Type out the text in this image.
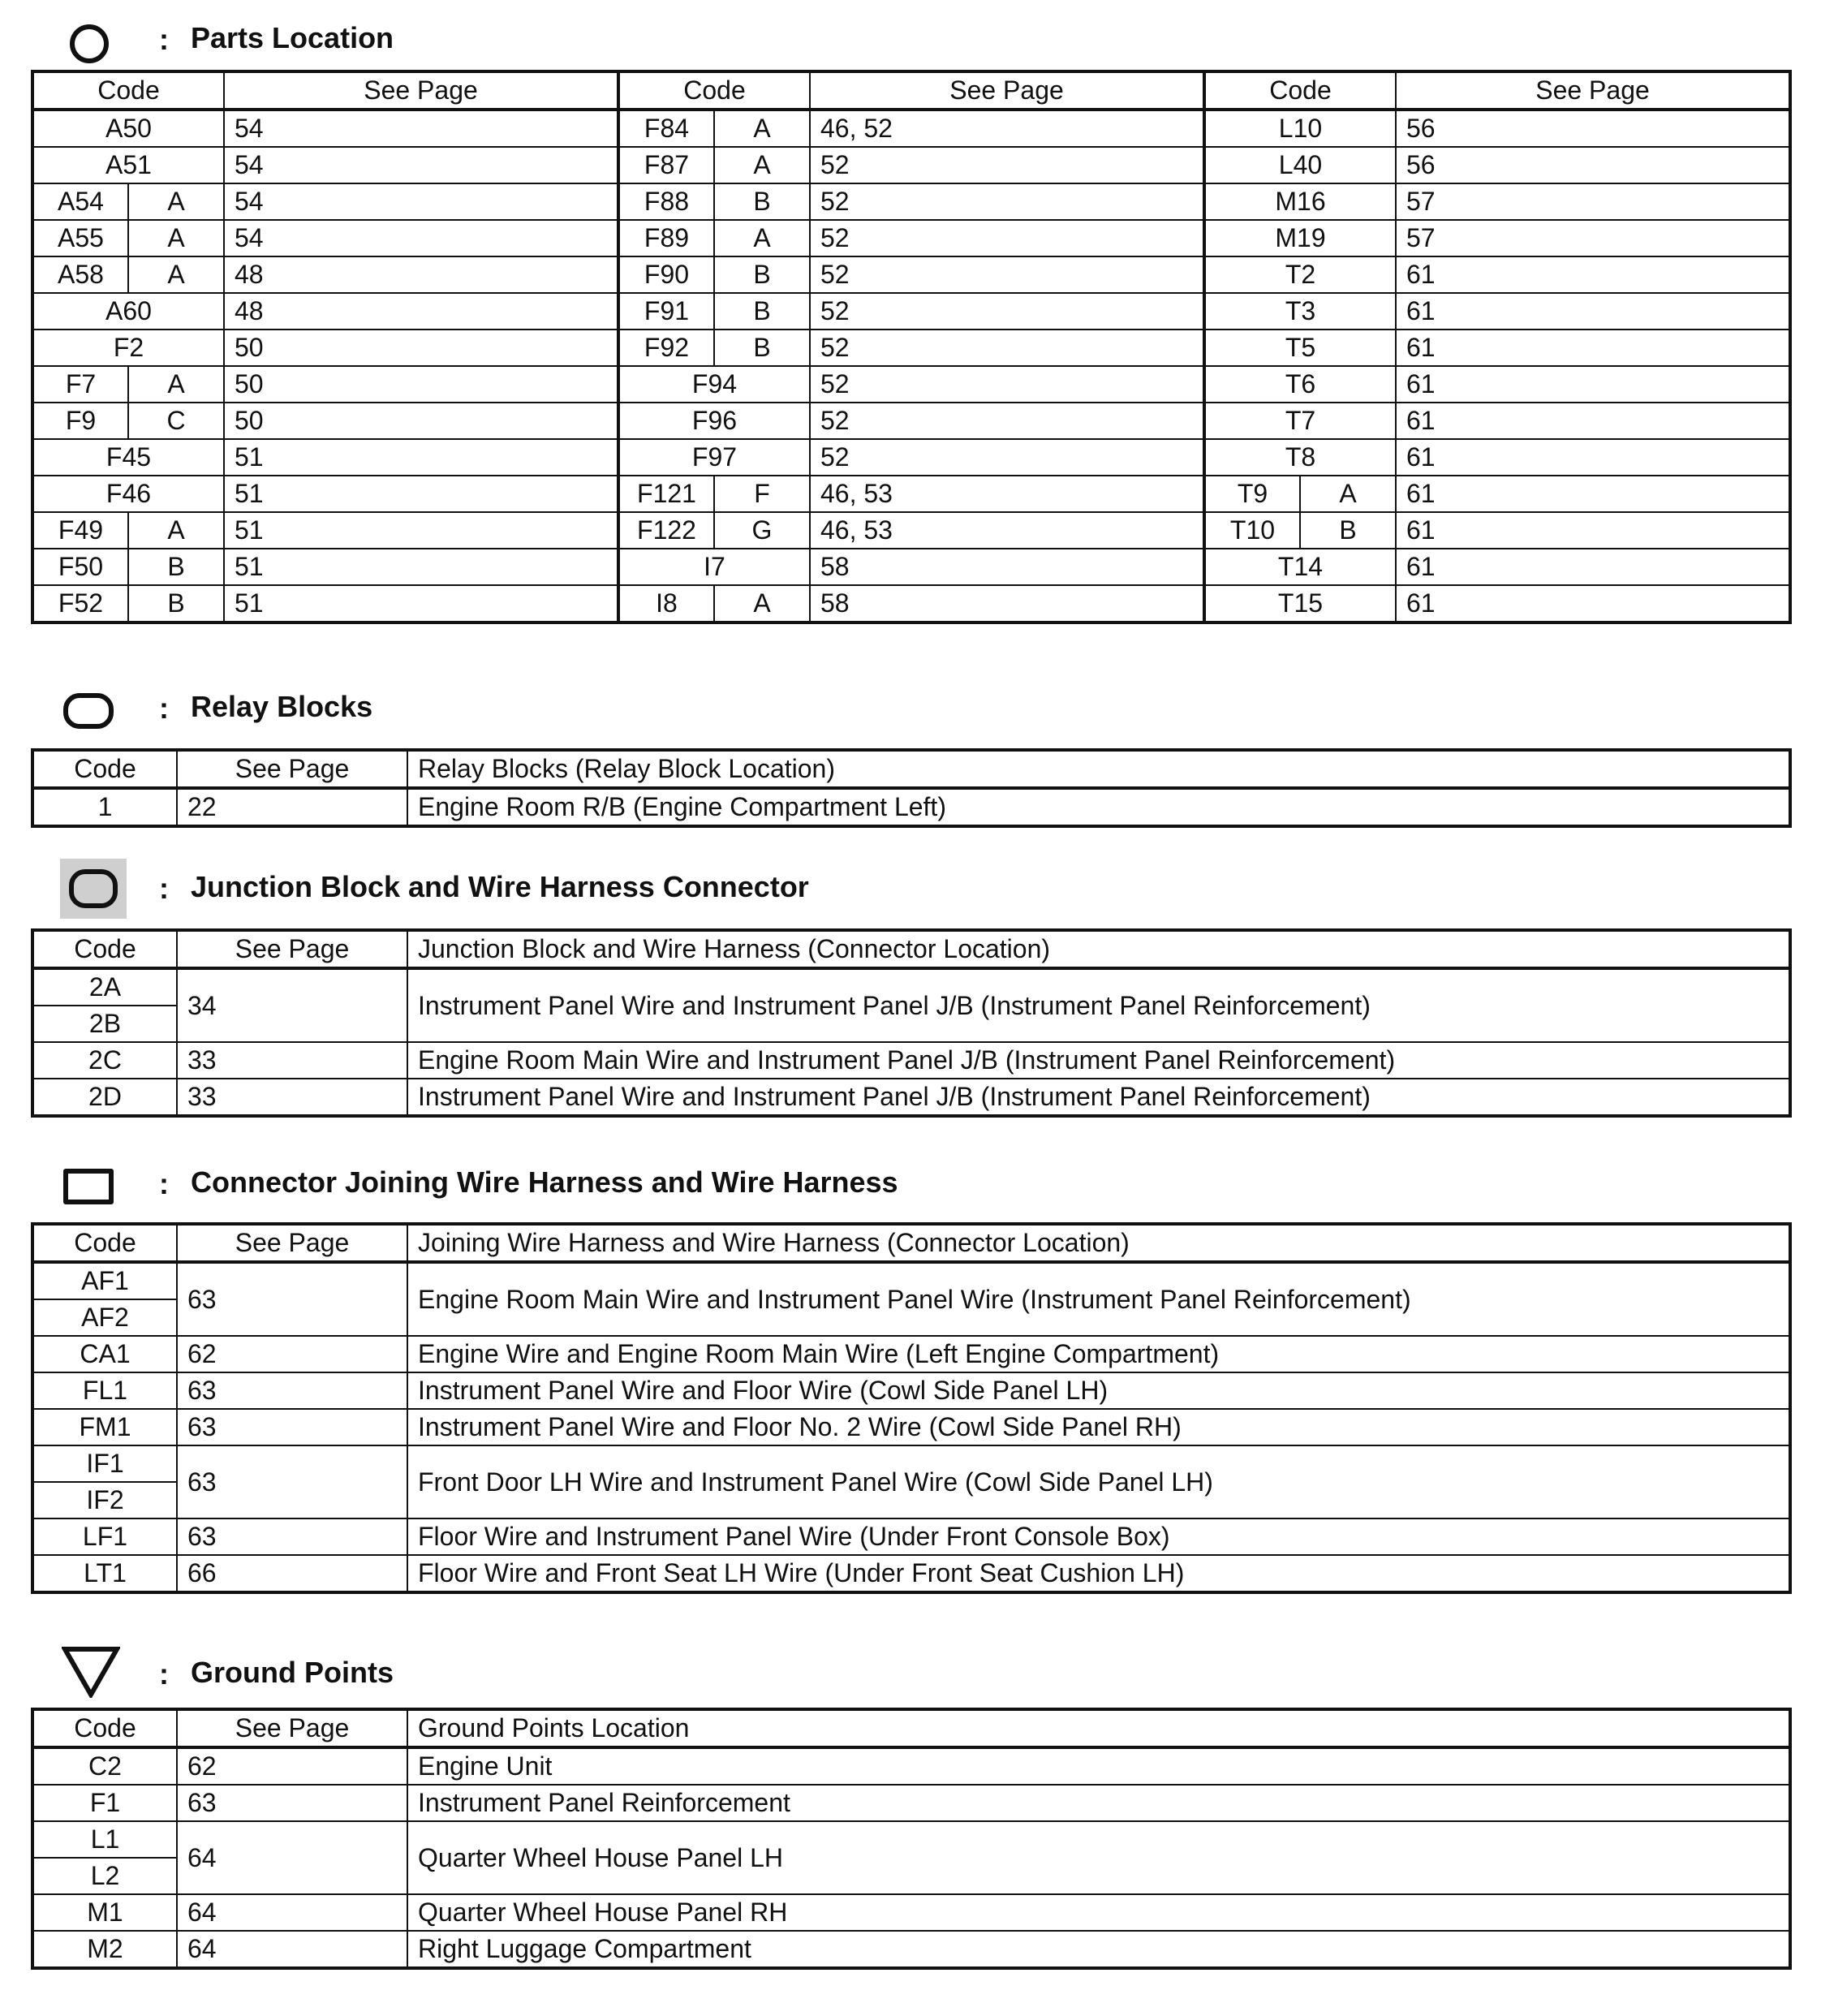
: Parts Location
Code		See Page	Code		See Page	Code		See Page
A50		54	F84	A	46, 52	L10		56
A51		54	F87	A	52	L40		56
A54	A	54	F88	B	52	M16		57
A55	A	54	F89	A	52	M19		57
A58	A	48	F90	B	52	T2		61
A60		48	F91	B	52	T3		61
F2		50	F92	B	52	T5		61
F7	A	50	F94		52	T6		61
F9	C	50	F96		52	T7		61
F45		51	F97		52	T8		61
F46		51	F121	F	46, 53	T9	A	61
F49	A	51	F122	G	46, 53	T10	B	61
F50	B	51	I7		58	T14		61
F52	B	51	I8	A	58	T15		61
: Relay Blocks
Code	See Page	Relay Blocks (Relay Block Location)
1	22	Engine Room R/B (Engine Compartment Left)
: Junction Block and Wire Harness Connector
Code	See Page	Junction Block and Wire Harness (Connector Location)
2A	34	Instrument Panel Wire and Instrument Panel J/B (Instrument Panel Reinforcement)
2B		
2C	33	Engine Room Main Wire and Instrument Panel J/B (Instrument Panel Reinforcement)
2D	33	Instrument Panel Wire and Instrument Panel J/B (Instrument Panel Reinforcement)
: Connector Joining Wire Harness and Wire Harness
Code	See Page	Joining Wire Harness and Wire Harness (Connector Location)
AF1	63	Engine Room Main Wire and Instrument Panel Wire (Instrument Panel Reinforcement)
AF2		
CA1	62	Engine Wire and Engine Room Main Wire (Left Engine Compartment)
FL1	63	Instrument Panel Wire and Floor Wire (Cowl Side Panel LH)
FM1	63	Instrument Panel Wire and Floor No. 2 Wire (Cowl Side Panel RH)
IF1	63	Front Door LH Wire and Instrument Panel Wire (Cowl Side Panel LH)
IF2		
LF1	63	Floor Wire and Instrument Panel Wire (Under Front Console Box)
LT1	66	Floor Wire and Front Seat LH Wire (Under Front Seat Cushion LH)
: Ground Points
Code	See Page	Ground Points Location
C2	62	Engine Unit
F1	63	Instrument Panel Reinforcement
L1	64	Quarter Wheel House Panel LH
L2		
M1	64	Quarter Wheel House Panel RH
M2	64	Right Luggage Compartment
